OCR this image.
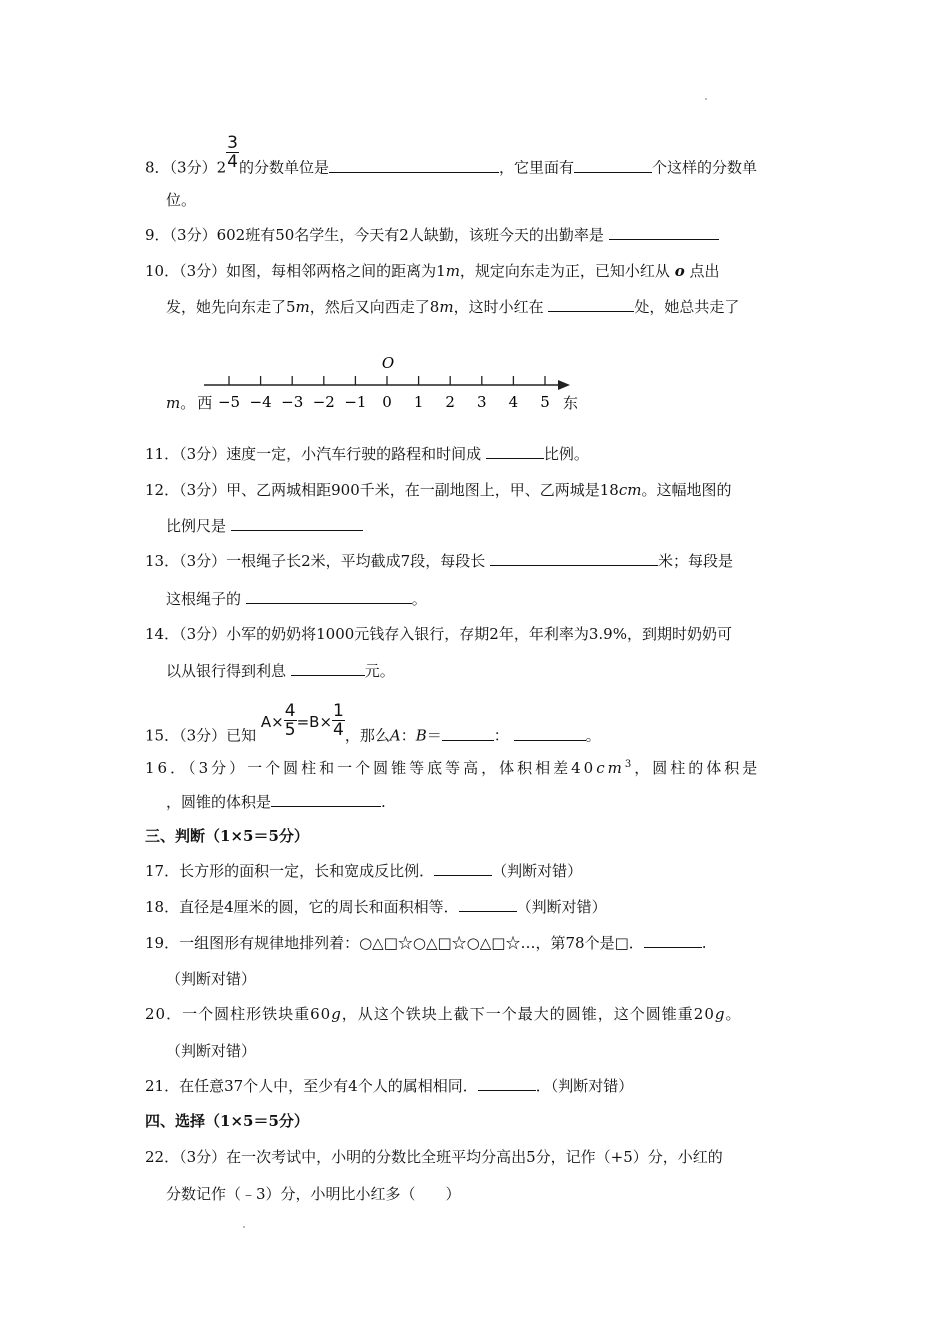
8．（3分）$2 \frac{3}{4}$ 的分数单位是	，它里面有	个这样的分数单
位。
9．（3分）602班有50名学生，今天有2人缺勤，该班今天的出勤率是
10．（3分）如图，每相邻两格之间的距离为1m，规定向东走为正，已知小红从 o 点出
发，她先向东走了5m，然后又向西走了8m，这时小红在	处，她总共走了
−5 −4 −3 −2 −1 0 1 2 3 4 5
O
m。 西	东
11．（3分）速度一定，小汽车行驶的路程和时间成	比例。
12．（3分）甲、乙两城相距900千米，在一副地图上，甲、乙两城是18cm。这幅地图的
比例尺是
13．（3分）一根绳子长2米，平均截成7段，每段长	米；每段是
这根绳子的	。
14．（3分）小军的奶奶将1000元钱存入银行，存期2年，年利率为3.9%，到期时奶奶可
以从银行得到利息	元。
15．（3分）已知 $A\times \frac{4}{5} =B\times \frac{1}{4}$ ，那么A：B＝	：	。
16．（3分）一个圆柱和一个圆锥等底等高，体积相差$40cm^3$，圆柱的体积是
，圆锥的体积是	.
三、判断（1×5＝5分）
17．长方形的面积一定，长和宽成反比例．	（判断对错）
18．直径是4厘米的圆，它的周长和面积相等．	（判断对错）
19．一组图形有规律地排列着：○△□☆○△□☆○△□☆…，第78个是□．	.
（判断对错）
20．一个圆柱形铁块重60g，从这个铁块上截下一个最大的圆锥，这个圆锥重20g。
（判断对错）
21．在任意37个人中，至少有4个人的属相相同．	．（判断对错）
四、选择（1×5＝5分）
22．（3分）在一次考试中，小明的分数比全班平均分高出5分，记作（+5）分，小红的
分数记作（﹣3）分，小明比小红多（　　）
